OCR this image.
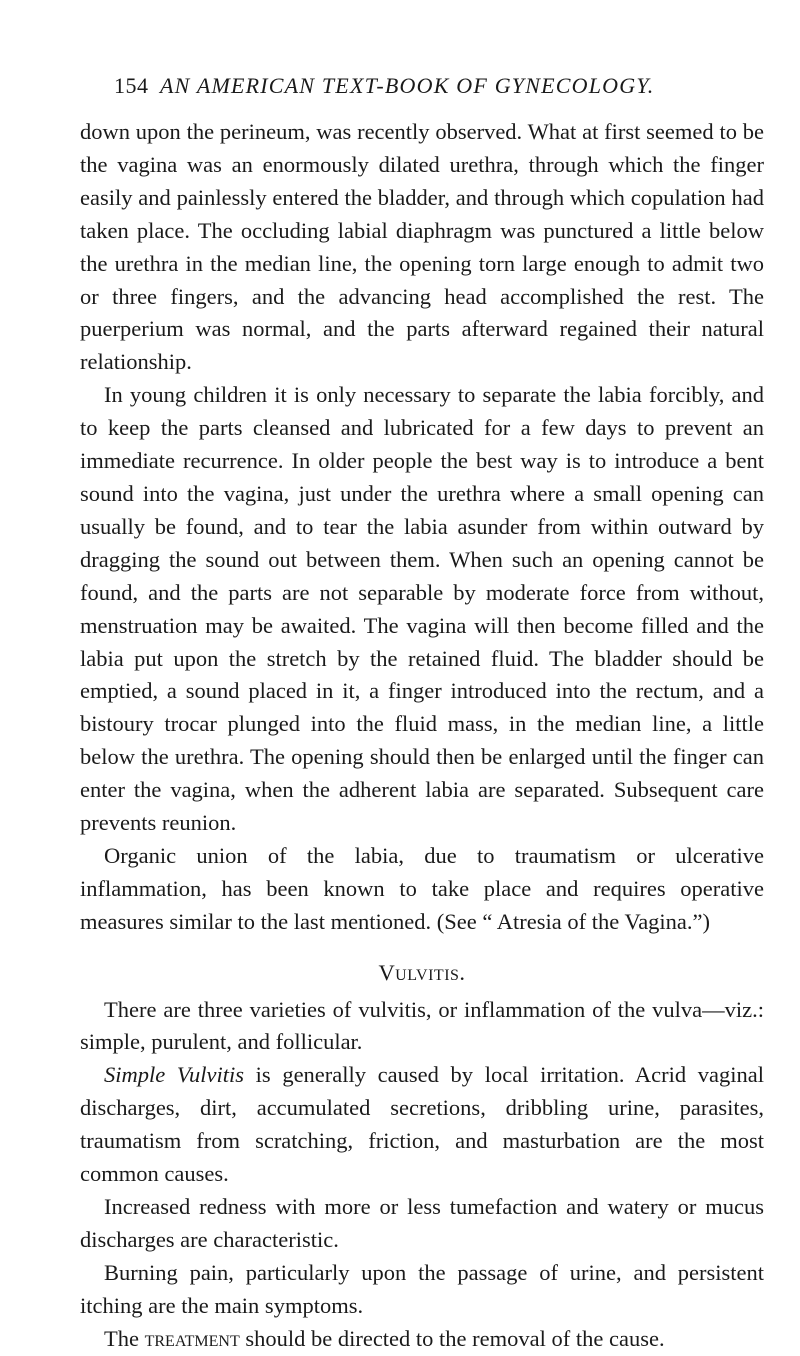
154 AN AMERICAN TEXT-BOOK OF GYNECOLOGY.

down upon the perineum, was recently observed. What at first seemed to be the vagina was an enormously dilated urethra, through which the finger easily and painlessly entered the bladder, and through which copulation had taken place. The occluding labial diaphragm was punctured a little below the urethra in the median line, the opening torn large enough to admit two or three fingers, and the advancing head accomplished the rest. The puerperium was normal, and the parts afterward regained their natural relationship.

In young children it is only necessary to separate the labia forcibly, and to keep the parts cleansed and lubricated for a few days to prevent an immediate recurrence. In older people the best way is to introduce a bent sound into the vagina, just under the urethra where a small opening can usually be found, and to tear the labia asunder from within outward by dragging the sound out between them. When such an opening cannot be found, and the parts are not separable by moderate force from without, menstruation may be awaited. The vagina will then become filled and the labia put upon the stretch by the retained fluid. The bladder should be emptied, a sound placed in it, a finger introduced into the rectum, and a bistoury trocar plunged into the fluid mass, in the median line, a little below the urethra. The opening should then be enlarged until the finger can enter the vagina, when the adherent labia are separated. Subsequent care prevents reunion.

Organic union of the labia, due to traumatism or ulcerative inflammation, has been known to take place and requires operative measures similar to the last mentioned. (See “ Atresia of the Vagina.”)

Vulvitis.

There are three varieties of vulvitis, or inflammation of the vulva—viz.: simple, purulent, and follicular.

Simple Vulvitis is generally caused by local irritation. Acrid vaginal discharges, dirt, accumulated secretions, dribbling urine, parasites, traumatism from scratching, friction, and masturbation are the most common causes.

Increased redness with more or less tumefaction and watery or mucus discharges are characteristic.

Burning pain, particularly upon the passage of urine, and persistent itching are the main symptoms.

The treatment should be directed to the removal of the cause.
